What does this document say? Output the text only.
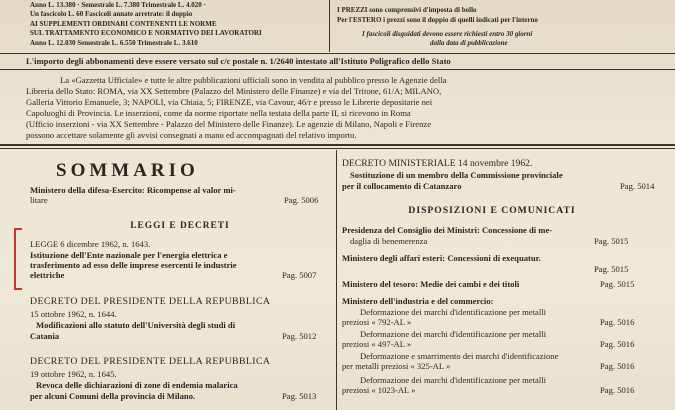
Anno L. 13.380 · Semestrale L. 7.380 Trimestrale L. 4.020 ·
Un fascicolo L. 60 Fascicoli annate arretrate: il doppio
AI SUPPLEMENTI ORDINARI CONTENENTI LE NORME
SUL TRATTAMENTO ECONOMICO E NORMATIVO DEI LAVORATORI
Anno L. 12.030 Semestrale L. 6.550 Trimestrale L. 3.610
I PREZZI sono comprensivi d'imposta di bollo
Per l'ESTERO i prezzi sono il doppio di quelli indicati per l'interno
I fascicoli disguidati devono essere richiesti entro 30 giorni
dalla data di pubblicazione
L'importo degli abbonamenti deve essere versato sul c/c postale n. 1/2640 intestato all'Istituto Poligrafico dello Stato
La «Gazzetta Ufficiale» e tutte le altre pubblicazioni ufficiali sono in vendita al pubblico presso le Agenzie della
Libreria dello Stato: ROMA, via XX Settembre (Palazzo del Ministero delle Finanze) e via del Tritone, 61/A; MILANO,
Galleria Vittorio Emanuele, 3; NAPOLI, via Chiaia, 5; FIRENZE, via Cavour, 46/r e presso le Librerie depositarie nei
Capoluoghi di Provincia. Le inserzioni, come da norme riportate nella testata della parte II, si ricevono in Roma
(Ufficio inserzioni - via XX Settembre - Palazzo del Ministero delle Finanze). Le agenzie di Milano, Napoli e Firenze
possono accettare solamente gli avvisi consegnati a mano ed accompagnati del relativo importo.
SOMMARIO
Ministero della difesa-Esercito: Ricompense al valor mi-
litare	Pag. 5006
LEGGI E DECRETI
LEGGE 6 dicembre 1962, n. 1643.
Istituzione dell'Ente nazionale per l'energia elettrica e
trasferimento ad esso delle imprese esercenti le industrie
elettriche	Pag. 5007
DECRETO DEL PRESIDENTE DELLA REPUBBLICA
15 ottobre 1962, n. 1644.
Modificazioni allo statuto dell'Università degli studi di
Catania	Pag. 5012
DECRETO DEL PRESIDENTE DELLA REPUBBLICA
19 ottobre 1962, n. 1645.
Revoca delle dichiarazioni di zone di endemia malarica
per alcuni Comuni della provincia di Milano.	Pag. 5013
DECRETO MINISTERIALE 14 novembre 1962.
Sostituzione di un membro della Commissione provinciale
per il collocamento di Catanzaro	Pag. 5014
DISPOSIZIONI E COMUNICATI
Presidenza del Consiglio dei Ministri: Concessione di me-
daglia di benemerenza	Pag. 5015
Ministero degli affari esteri: Concessioni di exequatur.
Pag. 5015
Ministero del tesoro: Medie dei cambi e dei titoli	Pag. 5015
Ministero dell'industria e del commercio:
Deformazione dei marchi d'identificazione per metalli
preziosi « 792-AL »	Pag. 5016
Deformazione dei marchi d'identificazione per metalli
preziosi « 497-AL »	Pag. 5016
Deformazione e smarrimento dei marchi d'identificazione
per metalli preziosi « 325-AL »	Pag. 5016
Deformazione dei marchi d'identificazione per metalli
preziosi « 1023-AL »	Pag. 5016
